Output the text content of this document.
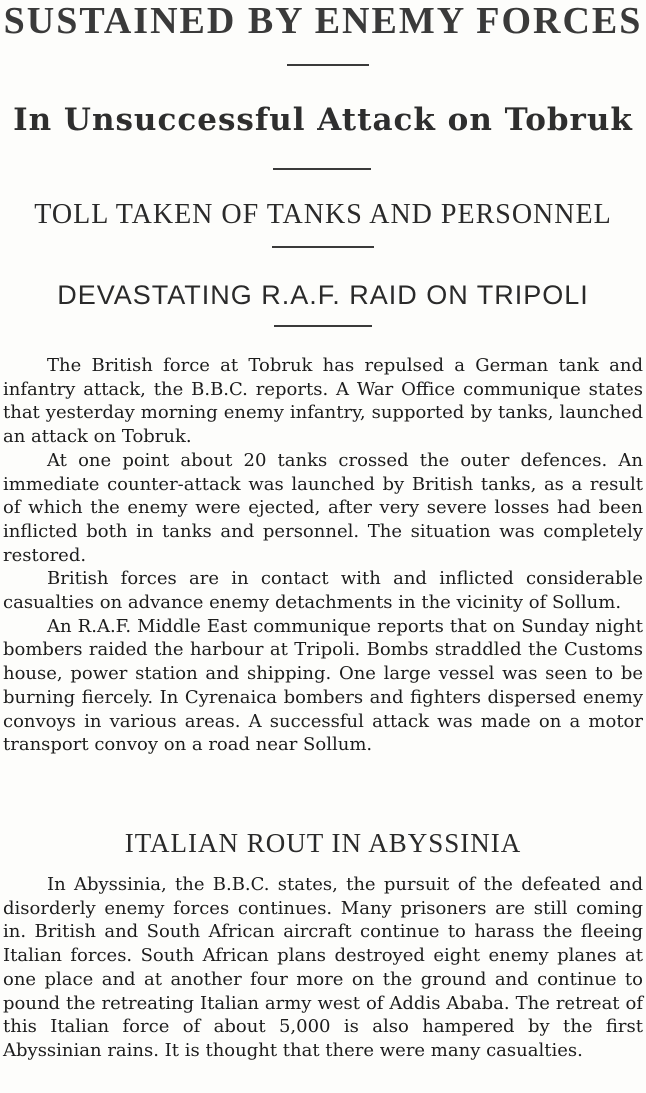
SUSTAINED BY ENEMY FORCES
In Unsuccessful Attack on Tobruk
TOLL TAKEN OF TANKS AND PERSONNEL
DEVASTATING R.A.F. RAID ON TRIPOLI

The British force at Tobruk has repulsed a German tank and infantry attack, the B.B.C. reports. A War Office communique states that yesterday morning enemy infantry, supported by tanks, launched an attack on Tobruk.

At one point about 20 tanks crossed the outer defences. An immediate counter-attack was launched by British tanks, as a result of which the enemy were ejected, after very severe losses had been inflicted both in tanks and personnel. The situation was completely restored.

British forces are in contact with and inflicted considerable casualties on advance enemy detachments in the vicinity of Sollum.

An R.A.F. Middle East communique reports that on Sunday night bombers raided the harbour at Tripoli. Bombs straddled the Customs house, power station and shipping. One large vessel was seen to be burning fiercely. In Cyrenaica bombers and fighters dispersed enemy convoys in various areas. A successful attack was made on a motor transport convoy on a road near Sollum.

ITALIAN ROUT IN ABYSSINIA

In Abyssinia, the B.B.C. states, the pursuit of the defeated and disorderly enemy forces continues. Many prisoners are still coming in. British and South African aircraft continue to harass the fleeing Italian forces. South African plans destroyed eight enemy planes at one place and at another four more on the ground and continue to pound the retreating Italian army west of Addis Ababa. The retreat of this Italian force of about 5,000 is also hampered by the first Abyssinian rains. It is thought that there were many casualties.
